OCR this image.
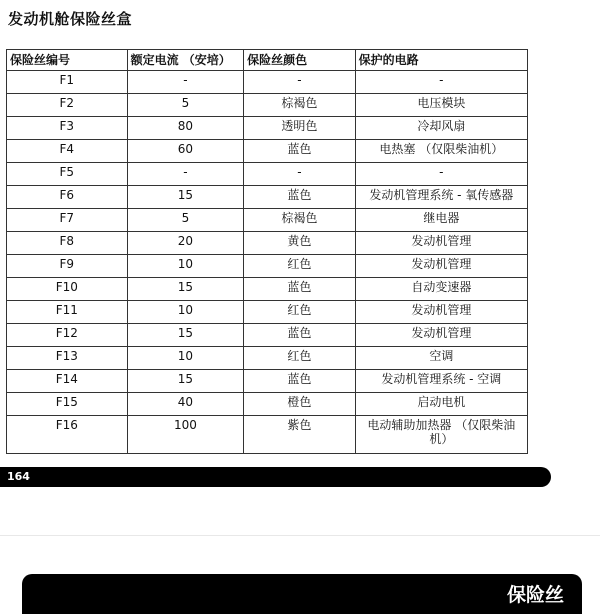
发动机舱保险丝盒
保险丝编号	额定电流 （安培）	保险丝颜色	保护的电路
F1	-	-	-
F2	5	棕褐色	电压模块
F3	80	透明色	冷却风扇
F4	60	蓝色	电热塞 （仅限柴油机）
F5	-	-	-
F6	15	蓝色	发动机管理系统 - 氧传感器
F7	5	棕褐色	继电器
F8	20	黄色	发动机管理
F9	10	红色	发动机管理
F10	15	蓝色	自动变速器
F11	10	红色	发动机管理
F12	15	蓝色	发动机管理
F13	10	红色	空调
F14	15	蓝色	发动机管理系统 - 空调
F15	40	橙色	启动电机
F16	100	紫色	电动辅助加热器 （仅限柴油机）
164
保险丝
